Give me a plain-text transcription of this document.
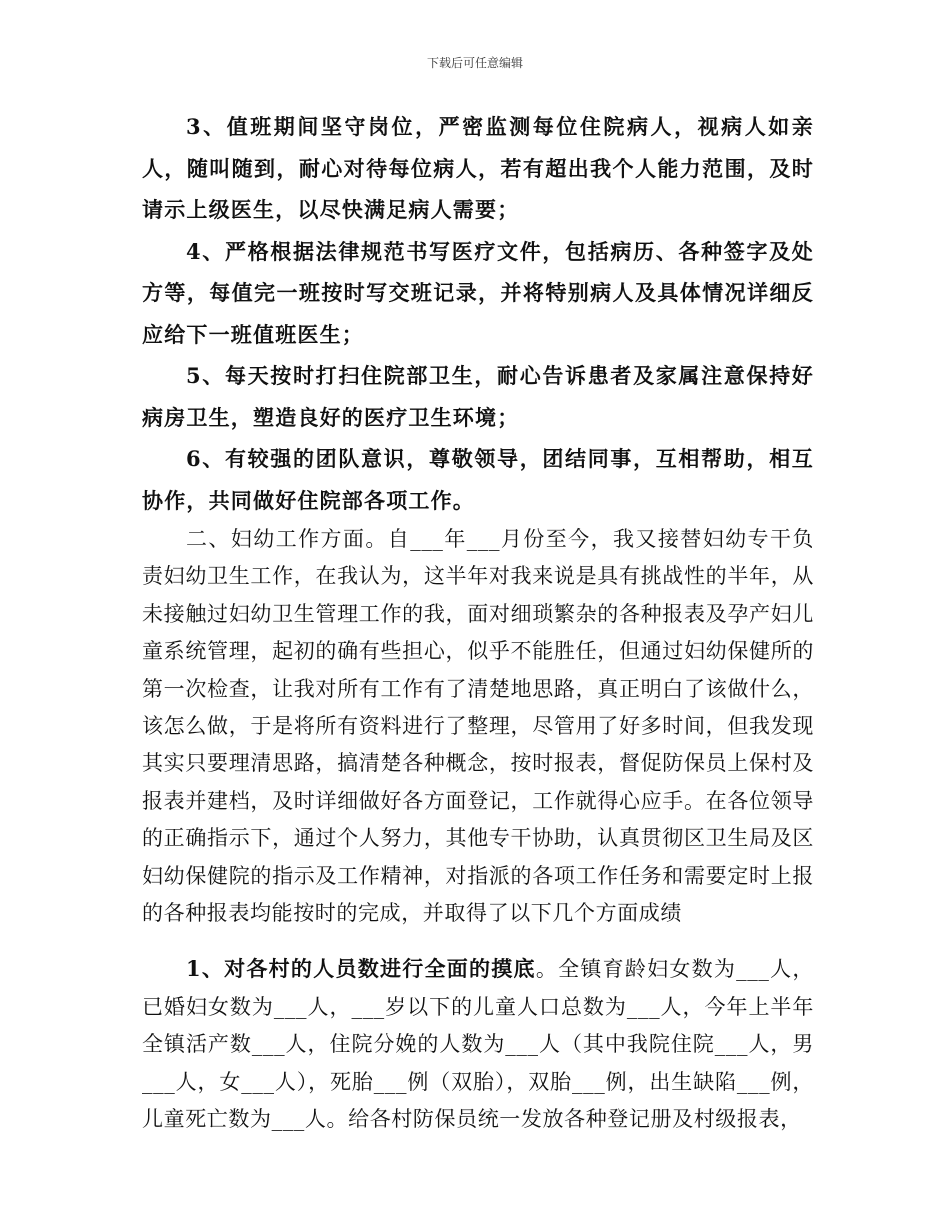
下载后可任意编辑

3、值班期间坚守岗位，严密监测每位住院病人，视病人如亲人，随叫随到，耐心对待每位病人，若有超出我个人能力范围，及时请示上级医生，以尽快满足病人需要；

4、严格根据法律规范书写医疗文件，包括病历、各种签字及处方等，每值完一班按时写交班记录，并将特别病人及具体情况详细反应给下一班值班医生；

5、每天按时打扫住院部卫生，耐心告诉患者及家属注意保持好病房卫生，塑造良好的医疗卫生环境；

6、有较强的团队意识，尊敬领导，团结同事，互相帮助，相互协作，共同做好住院部各项工作。

二、妇幼工作方面。自___年___月份至今，我又接替妇幼专干负责妇幼卫生工作，在我认为，这半年对我来说是具有挑战性的半年，从未接触过妇幼卫生管理工作的我，面对细琐繁杂的各种报表及孕产妇儿童系统管理，起初的确有些担心，似乎不能胜任，但通过妇幼保健所的第一次检查，让我对所有工作有了清楚地思路，真正明白了该做什么，该怎么做，于是将所有资料进行了整理，尽管用了好多时间，但我发现其实只要理清思路，搞清楚各种概念，按时报表，督促防保员上保村及报表并建档，及时详细做好各方面登记，工作就得心应手。在各位领导的正确指示下，通过个人努力，其他专干协助，认真贯彻区卫生局及区妇幼保健院的指示及工作精神，对指派的各项工作任务和需要定时上报的各种报表均能按时的完成，并取得了以下几个方面成绩

1、对各村的人员数进行全面的摸底。全镇育龄妇女数为___人，已婚妇女数为___人，___岁以下的儿童人口总数为___人，今年上半年全镇活产数___人，住院分娩的人数为___人（其中我院住院___人，男___人，女___人），死胎___例（双胎），双胎___例，出生缺陷___例，儿童死亡数为___人。给各村防保员统一发放各种登记册及村级报表，
